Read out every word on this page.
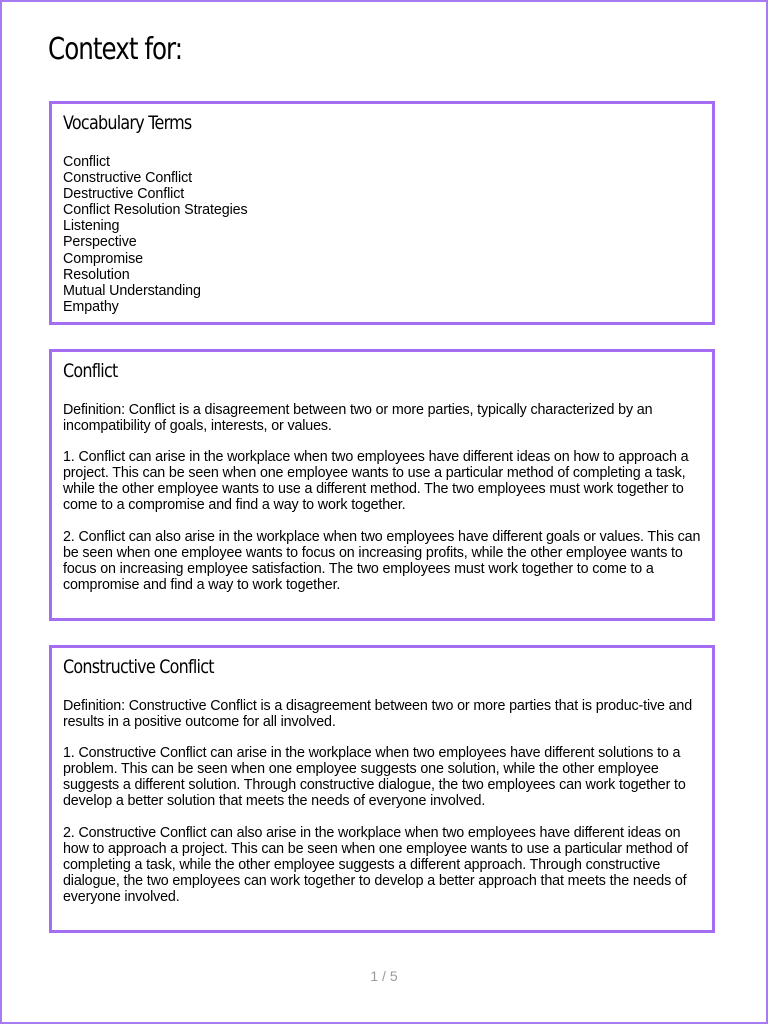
Context for:
Vocabulary Terms
Conflict
Constructive Conflict
Destructive Conflict
Conflict Resolution Strategies
Listening
Perspective
Compromise
Resolution
Mutual Understanding
Empathy
Conflict

Definition: Conflict is a disagreement between two or more parties, typically characterized by an incompatibility of goals, interests, or values.

1. Conflict can arise in the workplace when two employees have different ideas on how to approach a project. This can be seen when one employee wants to use a particular method of completing a task, while the other employee wants to use a different method. The two employees must work together to come to a compromise and find a way to work together.

2. Conflict can also arise in the workplace when two employees have different goals or values. This can be seen when one employee wants to focus on increasing profits, while the other employee wants to focus on increasing employee satisfaction. The two employees must work together to come to a compromise and find a way to work together.

Constructive Conflict

Definition: Constructive Conflict is a disagreement between two or more parties that is produc-tive and results in a positive outcome for all involved.

1. Constructive Conflict can arise in the workplace when two employees have different solutions to a problem. This can be seen when one employee suggests one solution, while the other employee suggests a different solution. Through constructive dialogue, the two employees can work together to develop a better solution that meets the needs of everyone involved.

2. Constructive Conflict can also arise in the workplace when two employees have different ideas on how to approach a project. This can be seen when one employee wants to use a particular method of completing a task, while the other employee suggests a different approach. Through constructive dialogue, the two employees can work together to develop a better approach that meets the needs of everyone involved.

1 / 5
